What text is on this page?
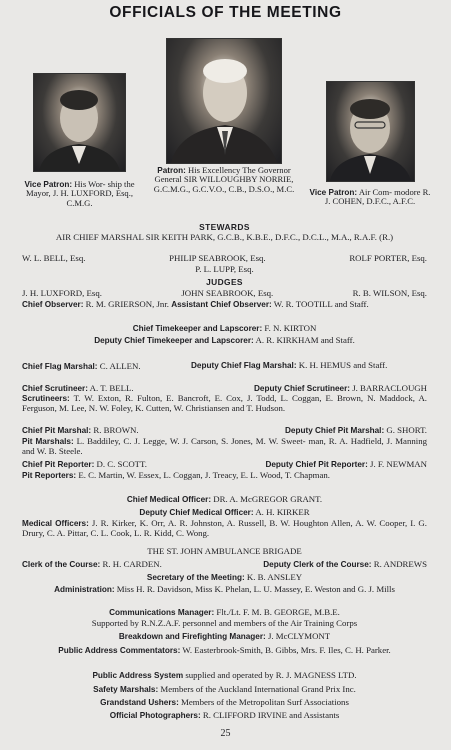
OFFICIALS OF THE MEETING
Vice Patron: His Wor- ship the Mayor, J. H. LUXFORD, Esq., C.M.G.
Patron: His Excellency The Governor General SIR WILLOUGHBY NORRIE, G.C.M.G., G.C.V.O., C.B., D.S.O., M.C.	Vice Patron: Air Com- modore R. J. COHEN, D.F.C., A.F.C.
STEWARDS
AIR CHIEF MARSHAL SIR KEITH PARK, G.C.B., K.B.E., D.F.C., D.C.L., M.A., R.A.F. (R.)
W. L. BELL, Esq.	PHILIP SEABROOK, Esq.	ROLF PORTER, Esq.
P. L. LUPP, Esq.
JUDGES
J. H. LUXFORD, Esq.	JOHN SEABROOK, Esq.	R. B. WILSON, Esq.
Chief Observer: R. M. GRIERSON, Jnr. Assistant Chief Observer: W. R. TOOTILL and Staff.
Chief Timekeeper and Lapscorer: F. N. KIRTON
Deputy Chief Timekeeper and Lapscorer: A. R. KIRKHAM and Staff.
Chief Flag Marshal: C. ALLEN.	Deputy Chief Flag Marshal: K. H. HEMUS and Staff.
Chief Scrutineer: A. T. BELL.	Deputy Chief Scrutineer: J. BARRACLOUGH
Scrutineers: T. W. Exton, R. Fulton, E. Bancroft, E. Cox, J. Todd, L. Coggan, E. Brown, N. Maddock, A. Ferguson, M. Lee, N. W. Foley, K. Cutten, W. Christiansen and T. Hudson.
Chief Pit Marshal: R. BROWN.	Deputy Chief Pit Marshal: G. SHORT.
Pit Marshals: L. Baddiley, C. J. Legge, W. J. Carson, S. Jones, M. W. Sweet- man, R. A. Hadfield, J. Manning and W. B. Steele.
Chief Pit Reporter: D. C. SCOTT.	Deputy Chief Pit Reporter: J. F. NEWMAN
Pit Reporters: E. C. Martin, W. Essex, L. Coggan, J. Treacy, E. L. Wood, T. Chapman.
Chief Medical Officer: DR. A. McGREGOR GRANT.
Deputy Chief Medical Officer: A. H. KIRKER
Medical Officers: J. R. Kirker, K. Orr, A. R. Johnston, A. Russell, B. W. Houghton Allen, A. W. Cooper, I. G. Drury, C. A. Pittar, C. L. Cook, L. R. Kidd, C. Wong.
THE ST. JOHN AMBULANCE BRIGADE
Clerk of the Course: R. H. CARDEN.	Deputy Clerk of the Course: R. ANDREWS
Secretary of the Meeting: K. B. ANSLEY
Administration: Miss H. R. Davidson, Miss K. Phelan, L. U. Massey, E. Weston and G. J. Mills
Communications Manager: Flt./Lt. F. M. B. GEORGE, M.B.E.
Supported by R.N.Z.A.F. personnel and members of the Air Training Corps
Breakdown and Firefighting Manager: J. McCLYMONT
Public Address Commentators: W. Easterbrook-Smith, B. Gibbs, Mrs. F. Iles, C. H. Parker.
Public Address System supplied and operated by R. J. MAGNESS LTD.
Safety Marshals: Members of the Auckland International Grand Prix Inc.
Grandstand Ushers: Members of the Metropolitan Surf Associations
Official Photographers: R. CLIFFORD IRVINE and Assistants
25
